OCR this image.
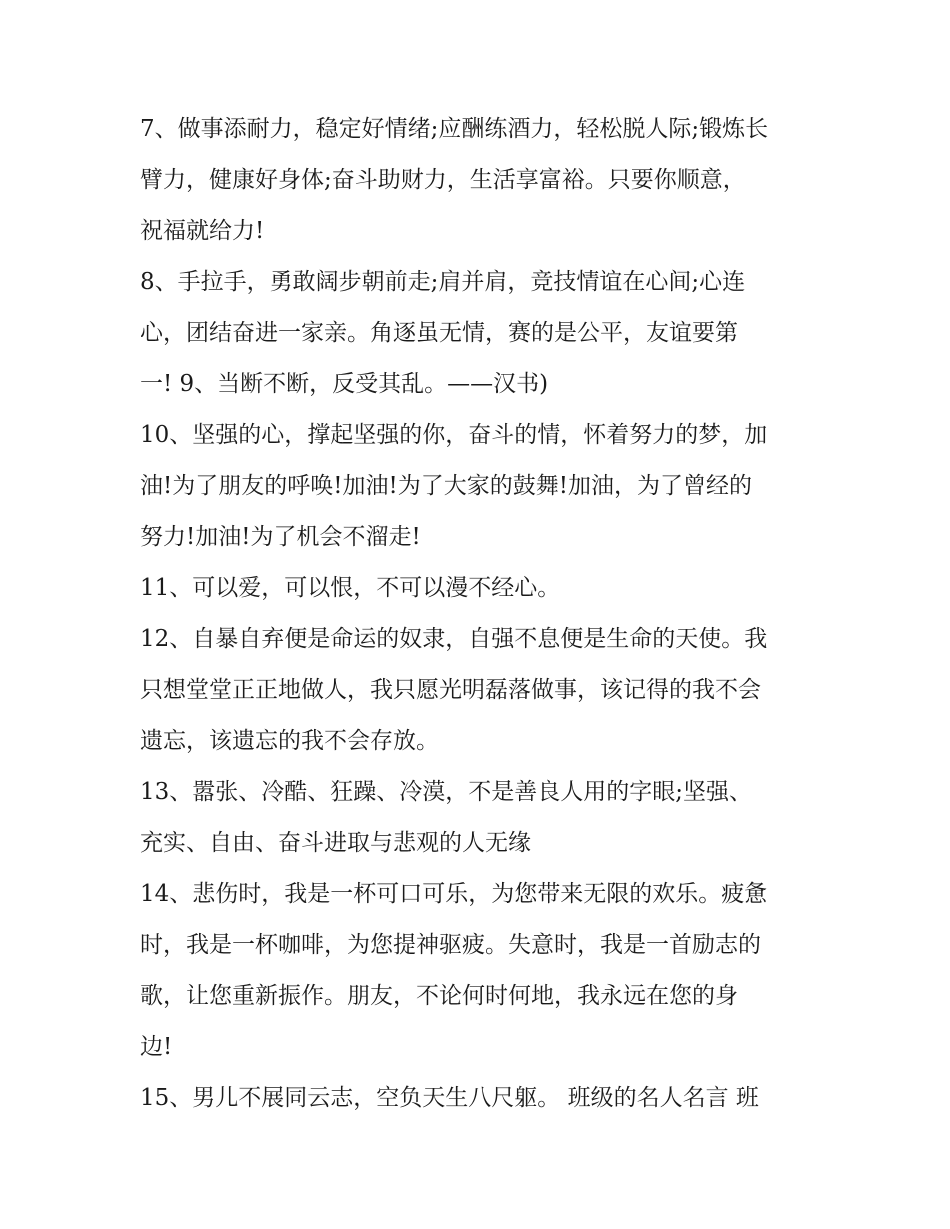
7、做事添耐力，稳定好情绪;应酬练酒力，轻松脱人际;锻炼长
臂力，健康好身体;奋斗助财力，生活享富裕。只要你顺意，
祝福就给力!
8、手拉手，勇敢阔步朝前走;肩并肩，竞技情谊在心间;心连
心，团结奋进一家亲。角逐虽无情，赛的是公平，友谊要第
一! 9、当断不断，反受其乱。——汉书)
10、坚强的心，撑起坚强的你，奋斗的情，怀着努力的梦，加
油!为了朋友的呼唤!加油!为了大家的鼓舞!加油，为了曾经的
努力!加油!为了机会不溜走!
11、可以爱，可以恨，不可以漫不经心。
12、自暴自弃便是命运的奴隶，自强不息便是生命的天使。我
只想堂堂正正地做人，我只愿光明磊落做事，该记得的我不会
遗忘，该遗忘的我不会存放。
13、嚣张、冷酷、狂躁、冷漠，不是善良人用的字眼;坚强、
充实、自由、奋斗进取与悲观的人无缘
14、悲伤时，我是一杯可口可乐，为您带来无限的欢乐。疲惫
时，我是一杯咖啡，为您提神驱疲。失意时，我是一首励志的
歌，让您重新振作。朋友，不论何时何地，我永远在您的身
边!
15、男儿不展同云志，空负天生八尺躯。 班级的名人名言 班
